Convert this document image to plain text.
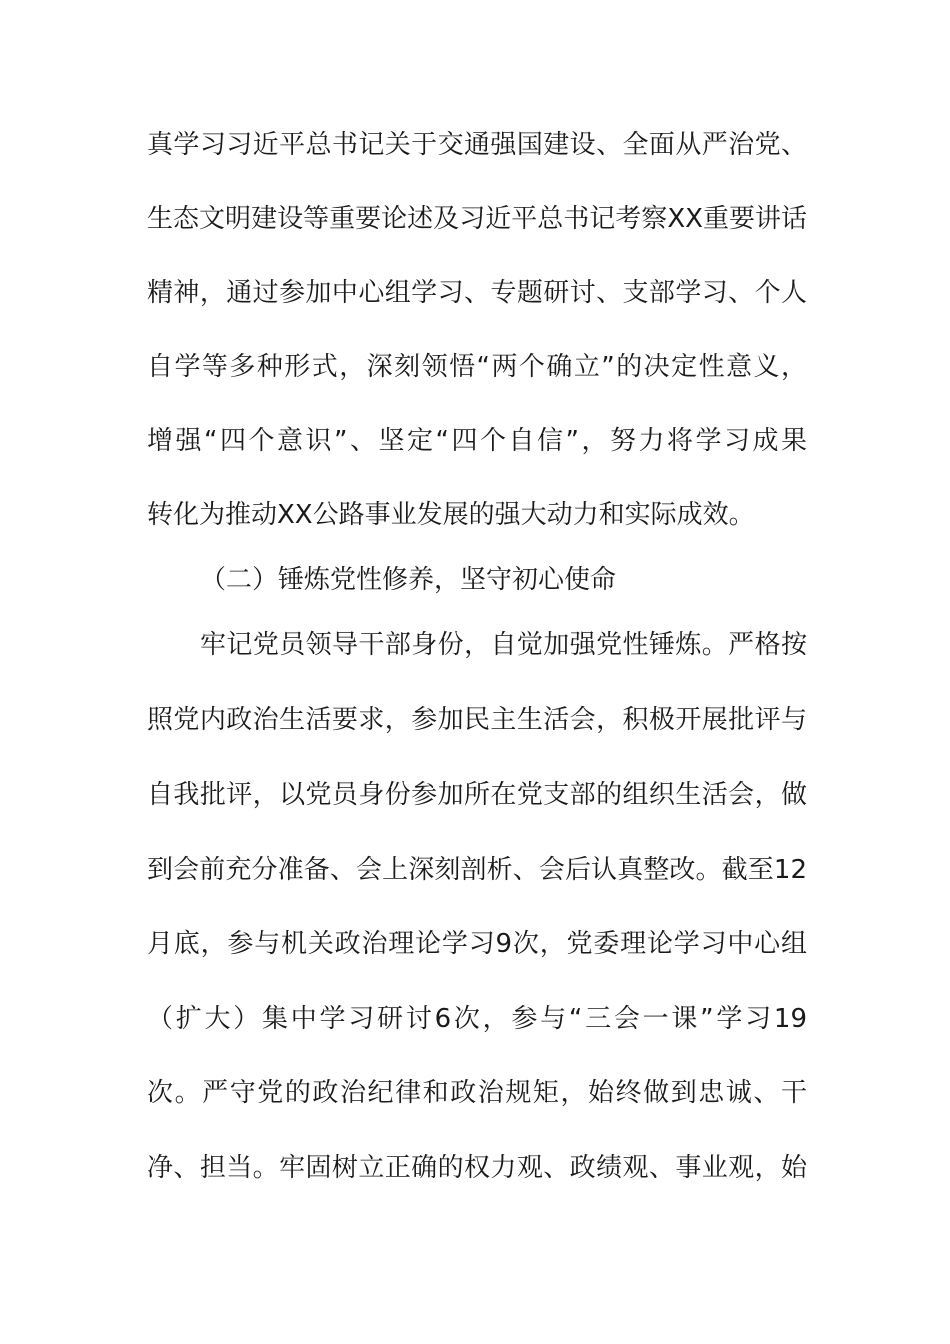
真学习习近平总书记关于交通强国建设、全面从严治党、
生态文明建设等重要论述及习近平总书记考察XX重要讲话
精神，通过参加中心组学习、专题研讨、支部学习、个人
自学等多种形式，深刻领悟“两个确立”的决定性意义，
增强“四个意识”、坚定“四个自信”，努力将学习成果
转化为推动XX公路事业发展的强大动力和实际成效。
（二）锤炼党性修养，坚守初心使命
牢记党员领导干部身份，自觉加强党性锤炼。严格按
照党内政治生活要求，参加民主生活会，积极开展批评与
自我批评，以党员身份参加所在党支部的组织生活会，做
到会前充分准备、会上深刻剖析、会后认真整改。截至12
月底，参与机关政治理论学习9次，党委理论学习中心组
（扩大）集中学习研讨6次，参与“三会一课”学习19
次。严守党的政治纪律和政治规矩，始终做到忠诚、干
净、担当。牢固树立正确的权力观、政绩观、事业观，始
